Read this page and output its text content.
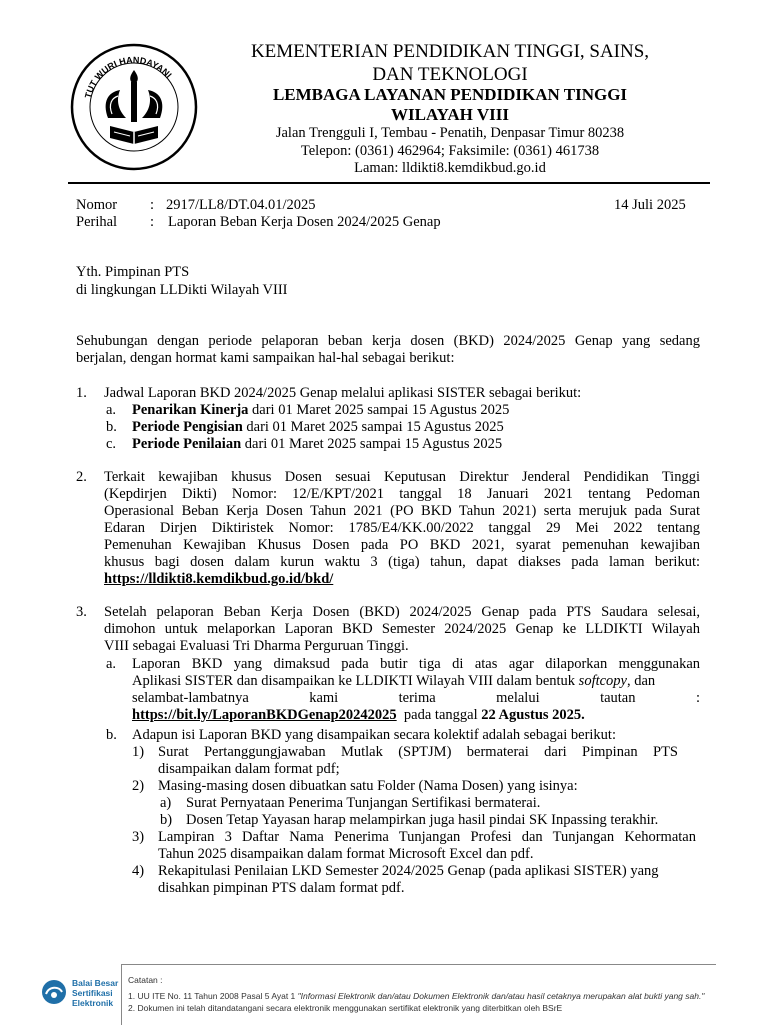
TUT WURI HANDAYANI
KEMENTERIAN PENDIDIKAN TINGGI, SAINS,
DAN TEKNOLOGI
LEMBAGA LAYANAN PENDIDIKAN TINGGI
WILAYAH VIII
Jalan Trengguli I, Tembau - Penatih, Denpasar Timur 80238
Telepon: (0361) 462964; Faksimile: (0361) 461738
Laman: lldikti8.kemdikbud.go.id
Nomor : 2917/LL8/DT.04.01/2025	14 Juli 2025
Perihal : Laporan Beban Kerja Dosen 2024/2025 Genap
Yth. Pimpinan PTS
di lingkungan LLDikti Wilayah VIII
Sehubungan dengan periode pelaporan beban kerja dosen (BKD) 2024/2025 Genap yang sedang
berjalan, dengan hormat kami sampaikan hal-hal sebagai berikut:
1. Jadwal Laporan BKD 2024/2025 Genap melalui aplikasi SISTER sebagai berikut:
a. Penarikan Kinerja dari 01 Maret 2025 sampai 15 Agustus 2025
b. Periode Pengisian dari 01 Maret 2025 sampai 15 Agustus 2025
c. Periode Penilaian dari 01 Maret 2025 sampai 15 Agustus 2025
2. Terkait kewajiban khusus Dosen sesuai Keputusan Direktur Jenderal Pendidikan Tinggi
(Kepdirjen Dikti) Nomor: 12/E/KPT/2021 tanggal 18 Januari 2021 tentang Pedoman
Operasional Beban Kerja Dosen Tahun 2021 (PO BKD Tahun 2021) serta merujuk pada Surat
Edaran Dirjen Diktiristek Nomor: 1785/E4/KK.00/2022 tanggal 29 Mei 2022 tentang
Pemenuhan Kewajiban Khusus Dosen pada PO BKD 2021, syarat pemenuhan kewajiban
khusus bagi dosen dalam kurun waktu 3 (tiga) tahun, dapat diakses pada laman berikut:
https://lldikti8.kemdikbud.go.id/bkd/
3. Setelah pelaporan Beban Kerja Dosen (BKD) 2024/2025 Genap pada PTS Saudara selesai,
dimohon untuk melaporkan Laporan BKD Semester 2024/2025 Genap ke LLDIKTI Wilayah
VIII sebagai Evaluasi Tri Dharma Perguruan Tinggi.
a. Laporan BKD yang dimaksud pada butir tiga di atas agar dilaporkan menggunakan
Aplikasi SISTER dan disampaikan ke LLDIKTI Wilayah VIII dalam bentuk softcopy, dan
selambat-lambatnya	kami	terima	melalui	tautan	:
https://bit.ly/LaporanBKDGenap20242025  pada tanggal 22 Agustus 2025.
b. Adapun isi Laporan BKD yang disampaikan secara kolektif adalah sebagai berikut:
1) Surat Pertanggungjawaban Mutlak (SPTJM) bermaterai dari Pimpinan PTS
disampaikan dalam format pdf;
2) Masing-masing dosen dibuatkan satu Folder (Nama Dosen) yang isinya:
a) Surat Pernyataan Penerima Tunjangan Sertifikasi bermaterai.
b) Dosen Tetap Yayasan harap melampirkan juga hasil pindai SK Inpassing terakhir.
3) Lampiran 3 Daftar Nama Penerima Tunjangan Profesi dan Tunjangan Kehormatan
Tahun 2025 disampaikan dalam format Microsoft Excel dan pdf.
4) Rekapitulasi Penilaian LKD Semester 2024/2025 Genap (pada aplikasi SISTER) yang
disahkan pimpinan PTS dalam format pdf.
Balai Besar
Sertifikasi
Elektronik
Catatan :
1. UU ITE No. 11 Tahun 2008 Pasal 5 Ayat 1 "Informasi Elektronik dan/atau Dokumen Elektronik dan/atau hasil cetaknya merupakan alat bukti yang sah."
2. Dokumen ini telah ditandatangani secara elektronik menggunakan sertifikat elektronik yang diterbitkan oleh BSrE
